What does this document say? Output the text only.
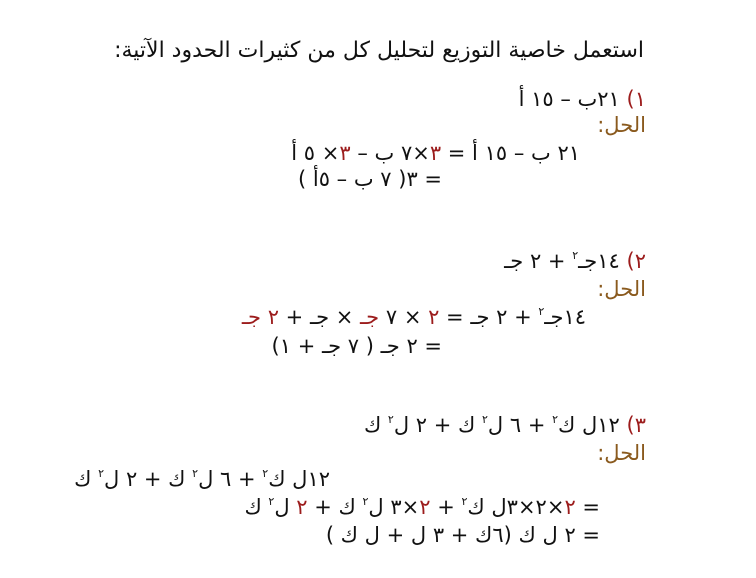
استعمل خاصية التوزيع لتحليل كل من كثيرات الحدود الآتية:
١) ٢١ب – ١٥ أ
الحل:
٢١ ب – ١٥ أ = ٣×٧ ب – ٣× ٥ أ
= ٣( ٧ ب – ٥أ )
٢) ١٤جـ$^٢$ + ٢ جـ
الحل:
١٤جـ$^٢$ + ٢ جـ = ٢ × ٧ جـ × جـ + ٢ جـ
= ٢ جـ ( ٧ جـ + ١)
٣) ١٢ل ك$^٢$ + ٦ ل$^٢$ ك + ٢ ل$^٢$ ك
الحل:
١٢ل ك$^٢$ + ٦ ل$^٢$ ك + ٢ ل$^٢$ ك
= ٢×٢×٣ل ك$^٢$ + ٢×٣ ل$^٢$ ك + ٢ ل$^٢$ ك
= ٢ ل ك (٦ك + ٣ ل + ل ك )
